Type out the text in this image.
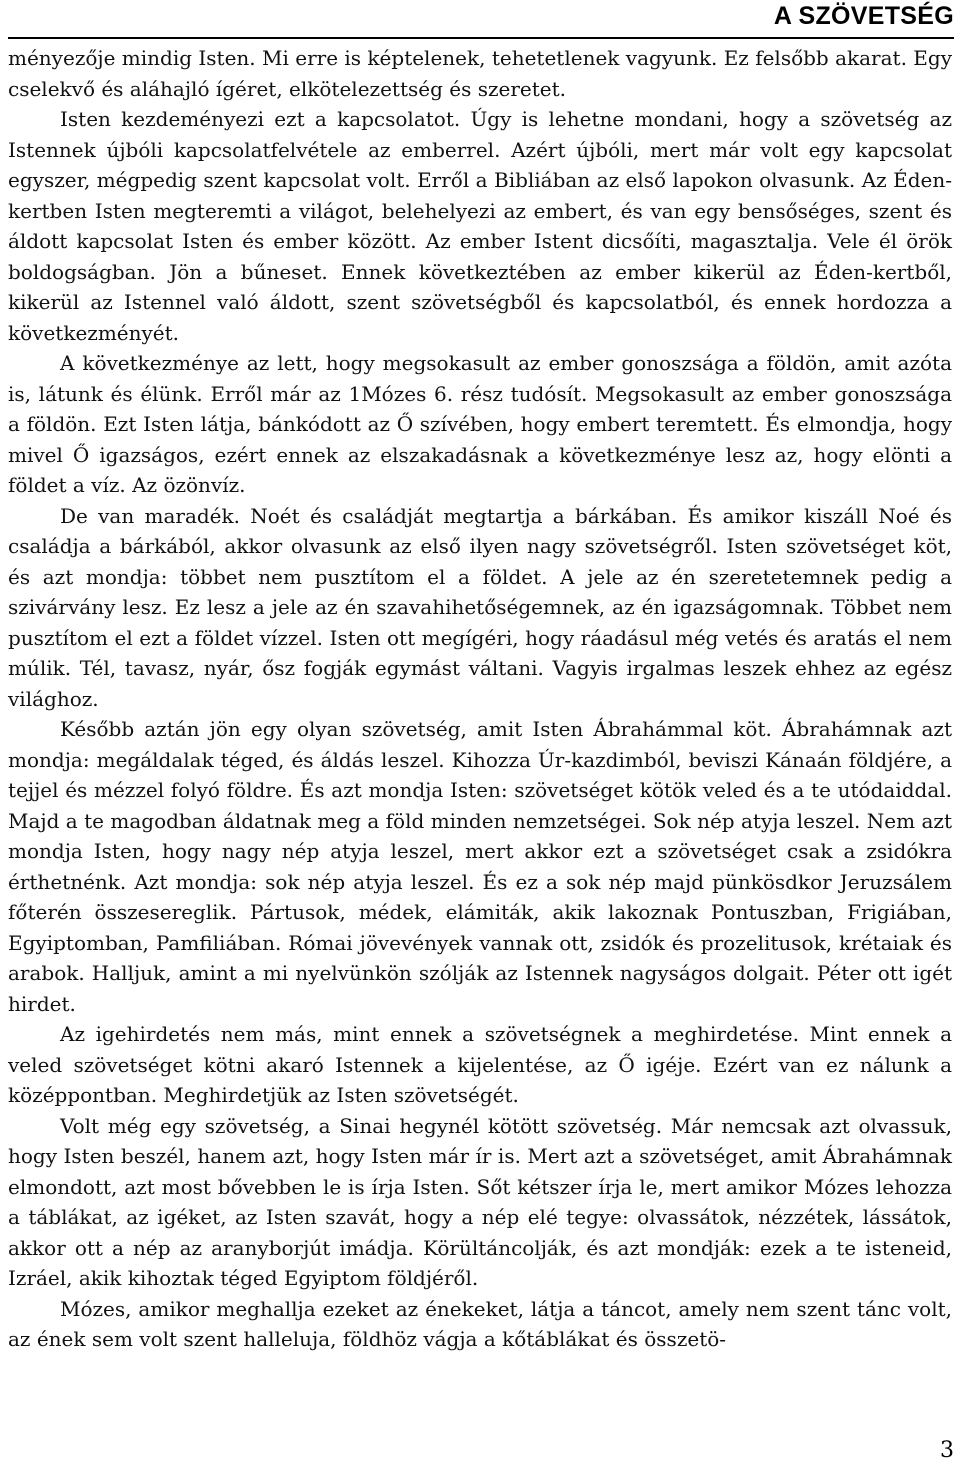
A SZÖVETSÉG

ményezője mindig Isten. Mi erre is képtelenek, tehetetlenek vagyunk. Ez felsőbb akarat. Egy cselekvő és aláhajló ígéret, elkötelezettség és szeretet.

Isten kezdeményezi ezt a kapcsolatot. Úgy is lehetne mondani, hogy a szövetség az Istennek újbóli kapcsolatfelvétele az emberrel. Azért újbóli, mert már volt egy kapcsolat egyszer, mégpedig szent kapcsolat volt. Erről a Bibliában az első lapokon olvasunk. Az Éden-kertben Isten megteremti a világot, belehelyezi az embert, és van egy bensőséges, szent és áldott kapcsolat Isten és ember között. Az ember Istent dicsőíti, magasztalja. Vele él örök boldogságban. Jön a bűneset. Ennek következtében az ember kikerül az Éden-kertből, kikerül az Istennel való áldott, szent szövetségből és kapcsolatból, és ennek hordozza a következményét.

A következménye az lett, hogy megsokasult az ember gonoszsága a földön, amit azóta is, látunk és élünk. Erről már az 1Mózes 6. rész tudósít. Megsokasult az ember gonoszsága a földön. Ezt Isten látja, bánkódott az Ő szívében, hogy embert teremtett. És elmondja, hogy mivel Ő igazságos, ezért ennek az elszakadásnak a következménye lesz az, hogy elönti a földet a víz. Az özönvíz.

De van maradék. Noét és családját megtartja a bárkában. És amikor kiszáll Noé és családja a bárkából, akkor olvasunk az első ilyen nagy szövetségről. Isten szövetséget köt, és azt mondja: többet nem pusztítom el a földet. A jele az én szeretetemnek pedig a szivárvány lesz. Ez lesz a jele az én szavahihetőségemnek, az én igazságomnak. Többet nem pusztítom el ezt a földet vízzel. Isten ott megígéri, hogy ráadásul még vetés és aratás el nem múlik. Tél, tavasz, nyár, ősz fogják egymást váltani. Vagyis irgalmas leszek ehhez az egész világhoz.

Később aztán jön egy olyan szövetség, amit Isten Ábrahámmal köt. Ábrahámnak azt mondja: megáldalak téged, és áldás leszel. Kihozza Úr-kazdimból, beviszi Kánaán földjére, a tejjel és mézzel folyó földre. És azt mondja Isten: szövetséget kötök veled és a te utódaiddal. Majd a te magodban áldatnak meg a föld minden nemzetségei. Sok nép atyja leszel. Nem azt mondja Isten, hogy nagy nép atyja leszel, mert akkor ezt a szövetséget csak a zsidókra érthetnénk. Azt mondja: sok nép atyja leszel. És ez a sok nép majd pünkösdkor Jeruzsálem főterén összesereglik. Pártusok, médek, elámiták, akik lakoznak Pontuszban, Frigiában, Egyiptomban, Pamfiliában. Római jövevények vannak ott, zsidók és prozelitusok, krétaiak és arabok. Halljuk, amint a mi nyelvünkön szólják az Istennek nagyságos dolgait. Péter ott igét hirdet.

Az igehirdetés nem más, mint ennek a szövetségnek a meghirdetése. Mint ennek a veled szövetséget kötni akaró Istennek a kijelentése, az Ő igéje. Ezért van ez nálunk a középpontban. Meghirdetjük az Isten szövetségét.

Volt még egy szövetség, a Sinai hegynél kötött szövetség. Már nemcsak azt olvassuk, hogy Isten beszél, hanem azt, hogy Isten már ír is. Mert azt a szövetséget, amit Ábrahámnak elmondott, azt most bővebben le is írja Isten. Sőt kétszer írja le, mert amikor Mózes lehozza a táblákat, az igéket, az Isten szavát, hogy a nép elé tegye: olvassátok, nézzétek, lássátok, akkor ott a nép az aranyborjút imádja. Körültáncolják, és azt mondják: ezek a te isteneid, Izráel, akik kihoztak téged Egyiptom földjéről.

Mózes, amikor meghallja ezeket az énekeket, látja a táncot, amely nem szent tánc volt, az ének sem volt szent halleluja, földhöz vágja a kőtáblákat és összetö-

3
